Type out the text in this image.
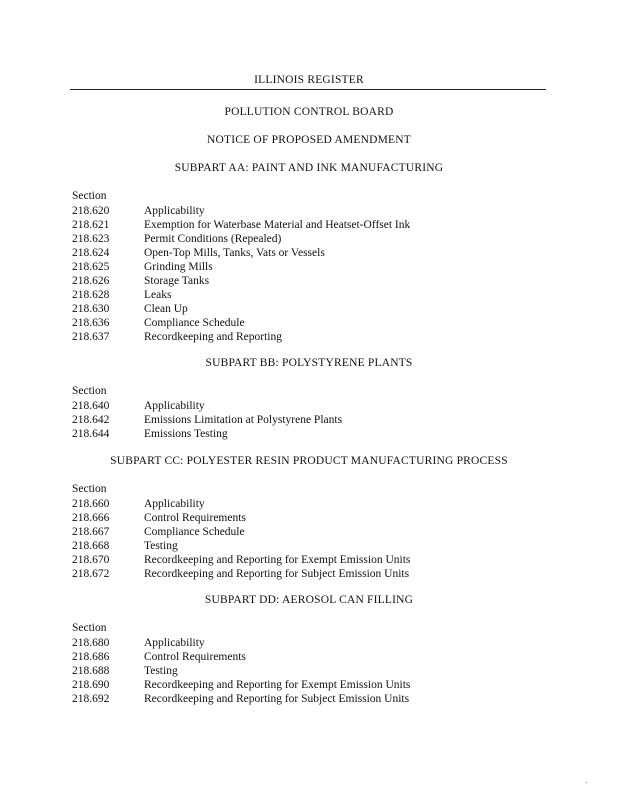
ILLINOIS REGISTER
POLLUTION CONTROL BOARD
NOTICE OF PROPOSED AMENDMENT
SUBPART AA: PAINT AND INK MANUFACTURING
Section
218.620	Applicability
218.621	Exemption for Waterbase Material and Heatset-Offset Ink
218.623	Permit Conditions (Repealed)
218.624	Open-Top Mills, Tanks, Vats or Vessels
218.625	Grinding Mills
218.626	Storage Tanks
218.628	Leaks
218.630	Clean Up
218.636	Compliance Schedule
218.637	Recordkeeping and Reporting
SUBPART BB: POLYSTYRENE PLANTS
Section
218.640	Applicability
218.642	Emissions Limitation at Polystyrene Plants
218.644	Emissions Testing
SUBPART CC: POLYESTER RESIN PRODUCT MANUFACTURING PROCESS
Section
218.660	Applicability
218.666	Control Requirements
218.667	Compliance Schedule
218.668	Testing
218.670	Recordkeeping and Reporting for Exempt Emission Units
218.672	Recordkeeping and Reporting for Subject Emission Units
SUBPART DD: AEROSOL CAN FILLING
Section
218.680	Applicability
218.686	Control Requirements
218.688	Testing
218.690	Recordkeeping and Reporting for Exempt Emission Units
218.692	Recordkeeping and Reporting for Subject Emission Units
